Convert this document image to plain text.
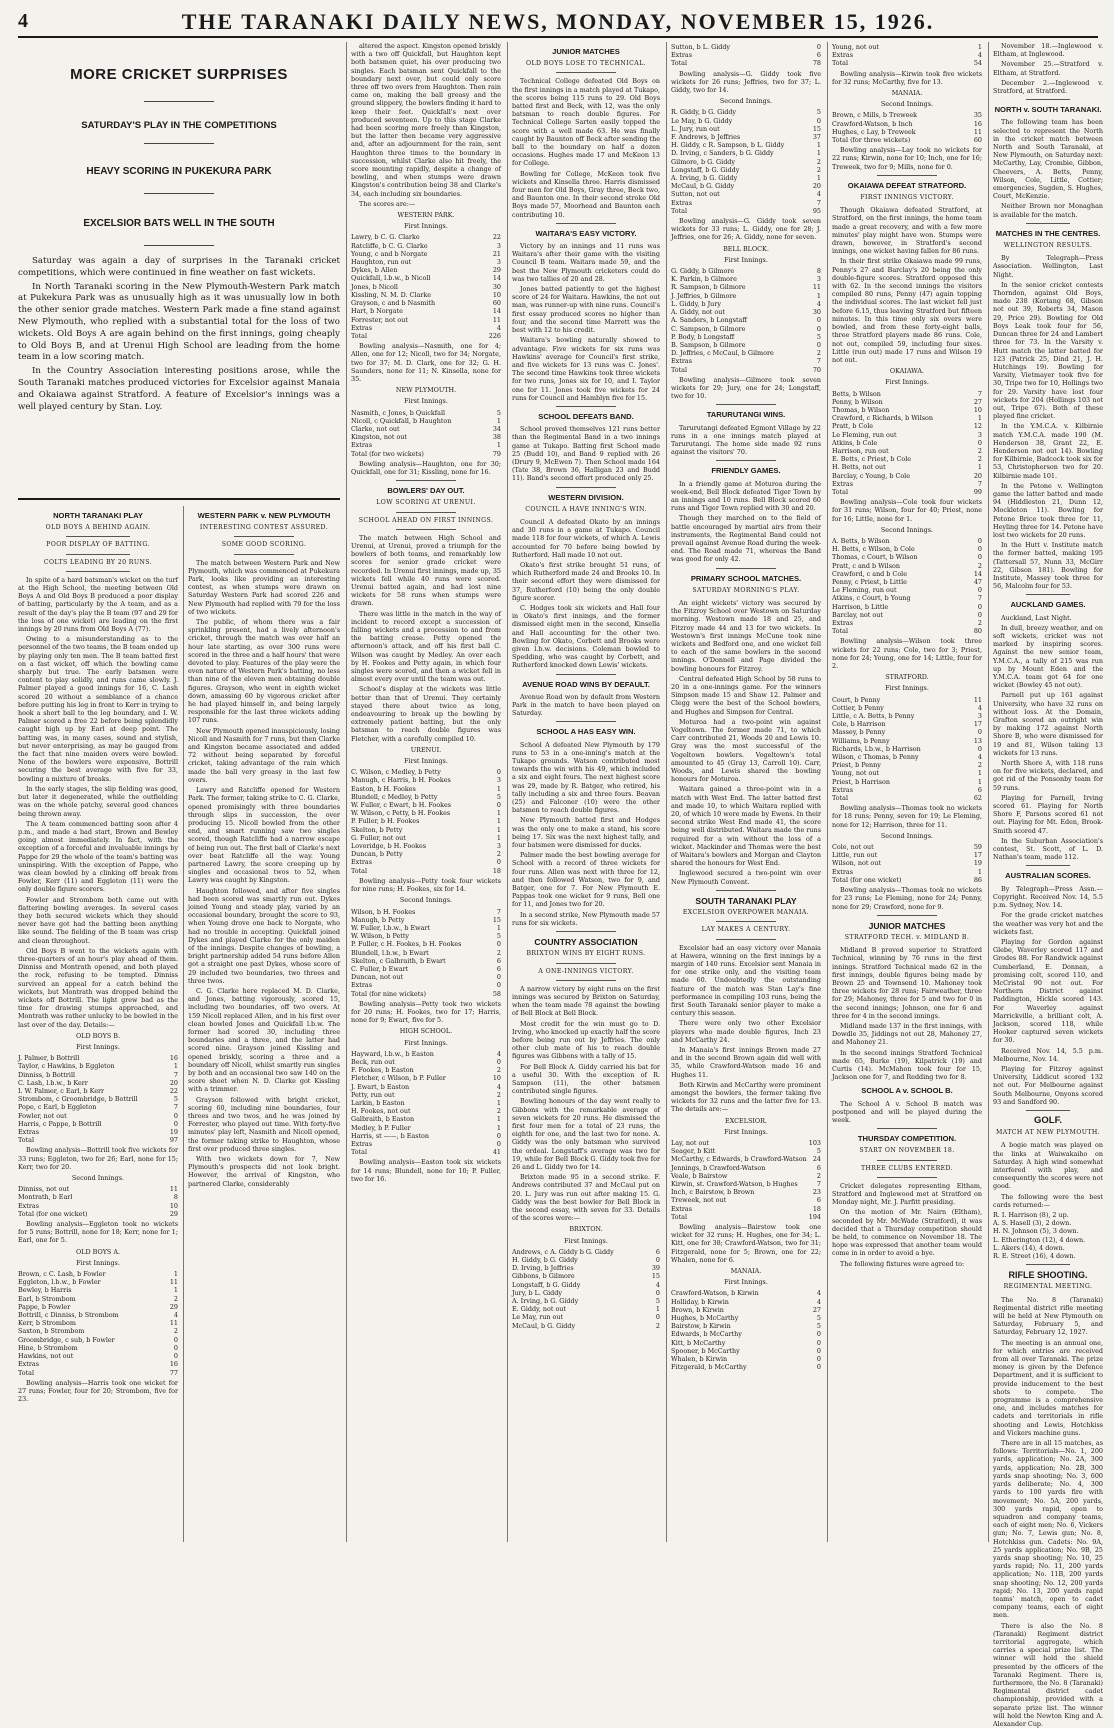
4	THE TARANAKI DAILY NEWS, MONDAY, NOVEMBER 15, 1926.
MORE CRICKET SURPRISES
SATURDAY'S PLAY IN THE COMPETITIONS
HEAVY SCORING IN PUKEKURA PARK
EXCELSIOR BATS WELL IN THE SOUTH

Saturday was again a day of surprises in the Taranaki cricket competitions, which were continued in fine weather on fast wickets.

In North Taranaki scoring in the New Plymouth-Western Park match at Pukekura Park was as unusually high as it was unusually low in both the other senior grade matches. Western Park made a fine stand against New Plymouth, who replied with a substantial total for the loss of two wickets. Old Boys A are again behind on the first innings, going cheaply to Old Boys B, and at Urenui High School are leading from the home team in a low scoring match.

In the Country Association interesting positions arose, while the South Taranaki matches produced victories for Excelsior against Manaia and Okaiawa against Stratford. A feature of Excelsior's innings was a well played century by Stan. Loy.

NORTH TARANAKI PLAY
OLD BOYS A BEHIND AGAIN.
POOR DISPLAY OF BATTING.
COLTS LEADING BY 20 RUNS.

In spite of a hard batsman's wicket on the turf at the High School, the meeting between Old Boys A and Old Boys B produced a poor display of batting, particularly by the A team, and as a result of the day's play the B team (97 and 29 for the loss of one wicket) are leading on the first innings by 20 runs from Old Boys A (77).

Owing to a misunderstanding as to the personnel of the two teams, the B team ended up by playing only ten men. The B team batted first on a fast wicket, off which the bowling came sharply but true. The early batsmen were content to play solidly, and runs came slowly. J. Palmer played a good innings for 16, C. Lash scored 20 without a semblance of a chance before putting his leg in front to Kerr in trying to hook a short ball to the leg boundary, and I. W. Palmer scored a free 22 before being splendidly caught high up by Earl at deep point. The batting was, in many cases, sound and stylish, but never enterprising, as may be gauged from the fact that nine maiden overs were bowled. None of the bowlers were expensive, Bottrill securing the best average with five for 33, bowling a mixture of breaks.

In the early stages, the slip fielding was good, but later it degenerated, while the outfielding was on the whole patchy, several good chances being thrown away.

The A team commenced batting soon after 4 p.m., and made a bad start, Brown and Bewley going almost immediately. In fact, with the exception of a forceful and invaluable innings by Pappe for 29 the whole of the team's batting was uninspiring. With the exception of Pappe, who was clean bowled by a clinking off break from Fowler, Kerr (11) and Eggleton (11) were the only double figure scorers.

Fowler and Strombom both came out with flattering bowling averages. In several cases they both secured wickets which they should never have got had the batting been anything like sound. The fielding of the B team was crisp and clean throughout.

Old Boys B went to the wickets again with three-quarters of an hour's play ahead of them. Dinniss and Montrath opened, and both played the rock, refusing to be tempted. Dinniss survived an appeal for a catch behind the wickets, but Montrath was dropped behind the wickets off Bottrill. The light grew bad as the time for drawing stumps approached, and Montrath was rather unlucky to be bowled in the last over of the day. Details:—

OLD BOYS B.
First Innings.
J. Palmer, b Bottrill	16
Taylor, c Hawkins, b Eggleton	1
Dinniss, b Bottrill	7
C. Lash, l.b.w., b Kerr	20
I. W. Palmer, c Earl, b Kerr	22
Strombom, c Groombridge, b Bottrill	5
Pope, c Earl, b Eggleton	7
Fowler, not out	0
Harris, c Pappe, b Bottrill	0
Extras	19
Total	97

Bowling analysis—Bottrill took five wickets for 33 runs; Eggleton, two for 26; Earl, none for 15; Kerr, two for 20.

Second Innings.
Dinniss, not out	11
Montrath, b Earl	8
Extras	10
Total (for one wicket)	29

Bowling analysis—Eggleton took no wickets for 5 runs; Bottrill, none for 18; Kerr, none for 1; Earl, one for 5.

OLD BOYS A.
First Innings.
Brown, c C. Lash, b Fowler	1
Eggleton, l.b.w., b Fowler	11
Bewley, b Harris	1
Earl, b Strombom	2
Pappe, b Fowler	29
Bottrill, c Dinniss, b Strombom	4
Kerr, b Strombom	11
Saxton, b Strombom	2
Groombridge, c sub, b Fowler	0
Hine, b Strombom	0
Hawkins, not out	0
Extras	16
Total	77

Bowling analysis—Harris took one wicket for 27 runs; Fowler, four for 20; Strombom, five for 23.

WESTERN PARK v. NEW PLYMOUTH
INTERESTING CONTEST ASSURED.
SOME GOOD SCORING.

The match between Western Park and New Plymouth, which was commenced at Pukekura Park, looks like providing an interesting contest, as when stumps were drawn on Saturday Western Park had scored 226 and New Plymouth had replied with 79 for the loss of two wickets.

The public, of whom there was a fair sprinkling present, had a lively afternoon's cricket, through the match was over half an hour late starting, as over 300 runs were scored in the three and a half hours' that were devoted to play. Features of the play were the even nature of Western Park's batting, no less than nine of the eleven men obtaining double figures. Grayson, who went in eighth wicket down, amassing 60 by vigorous cricket after he had played himself in, and being largely responsible for the last three wickets adding 107 runs.

New Plymouth opened inauspiciously, losing Nicoll and Nasmith for 7 runs, but then Clarke and Kingston became associated and added 72 without being separated by forceful cricket, taking advantage of the rain which made the ball very greasy in the last few overs.

Lawry and Ratcliffe opened for Western Park. The former, taking strike to C. G. Clarke, opened promisingly with three boundaries through slips in succession, the over producing 15. Nicoll bowled from the other end, and smart running saw two singles scored, though Ratcliffe had a narrow escape of being run out. The first ball of Clarke's next over beat Ratcliffe all the way. Young partnered Lawry, the score creeping up by singles and occasional twos to 52, when Lawry was caught by Kingston.

Haughton followed, and after five singles had been scored was smartly run out. Dykes joined Young and steady play, varied by an occasional boundary, brought the score to 93, when Young drove one back to Norgate, who had no trouble in accepting. Quickfall joined Dykes and played Clarke for the only maiden of the innings. Despite changes of bowling, a bright partnership added 54 runs before Allen got a straight one past Dykes, whose score of 29 included two boundaries, two threes and three twos.

C. G. Clarke here replaced M. D. Clarke, and Jones, batting vigorously, scored 15, including two boundaries, off two overs. At 159 Nicoll replaced Allen, and in his first over clean bowled Jones and Quickfall l.b.w. The former had scored 30, including three boundaries and a three, and the latter had scored nine. Grayson joined Kissling and opened briskly, scoring a three and a boundary off Nicoll, whilst smartly run singles by both and an occasional two saw 140 on the score sheet when N. D. Clarke got Kissling with a trimmer.

Grayson followed with bright cricket, scoring 60, including nine boundaries, four threes and two twos, and he was joined by Forrester, who played out time. With forty-five minutes' play left, Nasmith and Nicoll opened, the former taking strike to Haughton, whose first over produced three singles.

With two wickets down for 7, New Plymouth's prospects did not look bright. However, the arrival of Kingston, who partnered Clarke, considerably

altered the aspect. Kingston opened briskly with a two off Quickfall, but Haughton kept both batsmen quiet, his over producing two singles. Each batsman sent Quickfall to the boundary next over, but could only score three off two overs from Haughton. Then rain came on, making the ball greasy and the ground slippery, the bowlers finding it hard to keep their feet. Quickfall's next over produced seventeen. Up to this stage Clarke had been scoring more freely than Kingston, but the latter then became very aggressive and, after an adjournment for the rain, sent Haughton three times to the boundary in succession, whilst Clarke also hit freely, the score mounting rapidly, despite a change of bowling, and when stumps were drawn Kingston's contribution being 38 and Clarke's 34, each including six boundaries.

The scores are:—

WESTERN PARK.
First Innings.
Lawry, b C. G. Clarke	22
Ratcliffe, b C. G. Clarke	3
Young, c and b Norgate	21
Haughton, run out	3
Dykes, b Allen	29
Quickfall, l.b.w., b Nicoll	14
Jones, b Nicoll	30
Kissling, N. M. D. Clarke	10
Grayson, c and b Nasmith	60
Hart, b Norgate	14
Forrester, not out	11
Extras	4
Total	226

Bowling analysis—Nasmith, one for 4; Allen, one for 12; Nicoll, two for 34; Norgate, two for 37; M. D. Clark, one for 32; G. H. Saunders, none for 11; N. Kinsella, none for 35.

NEW PLYMOUTH.
First Innings.
Nasmith, c Jones, b Quickfall	5
Nicoll, c Quickfall, b Haughton	1
Clarke, not out	34
Kingston, not out	38
Extras	1
Total (for two wickets)	79

Bowling analysis—Haughton, one for 30; Quickfall, one for 31; Kissling, none for 16.

BOWLERS' DAY OUT.
LOW SCORING AT URENUI.
SCHOOL AHEAD ON FIRST INNINGS.

The match between High School and Urenui, at Urenui, proved a triumph for the bowlers of both teams, and remarkably low scores for senior grade cricket were recorded. In Urenui first innings, made up, 35 wickets fell while 40 runs were scored. Urenui batted again, and had lost nine wickets for 58 runs when stumps were drawn.

There was little in the match in the way of incident to record except a succession of falling wickets and a procession to and from the batting crease. Petty opened the afternoon's attack, and off his first ball C. Wilson was caught by Medley. An over each by H. Fookes and Petty again, in which four singles were scored, and then a wicket fell in almost every over until the team was out.

School's display at the wickets was little better than that of Urenui. They certainly stayed there about twice as long, endeavouring to break up the bowling by extremely patient batting, but the only batsman to reach double figures was Fletcher, with a carefully compiled 10.

URENUI.
First Innings.
C. Wilson, c Medley, b Petty	0
Manugh, c Harris, b H. Fookes	3
Easton, b H. Fookes	1
Blundell, c Medley, b Petty	5
W. Fuller, c Ewart, b H. Fookes	0
W. Wilson, c Petty, b H. Fookes	1
P. Fuller, b H. Fookes	1
Skelton, b Petty	1
G. Fuller, not out	1
Loveridge, b H. Fookes	3
Duncan, b Petty	2
Extras	0
Total	18

Bowling analysis—Petty took four wickets for nine runs; H. Fookes, six for 14.

Second Innings.
Wilson, b H. Fookes	7
Manugh, b Petty	15
W. Fuller, l.b.w., b Ewart	1
W. Wilson, b Petty	5
P. Fuller, c H. Fookes, b H. Fookes	0
Blundell, l.b.w., b Ewart	2
Skelton, c Galbraith, b Ewart	6
C. Fuller, b Ewart	6
Duncan, not out	0
Extras	0
Total (for nine wickets)	58

Bowling analysis—Petty took two wickets for 20 runs; H. Fookes, two for 17; Harris, none for 9; Ewart, five for 5.

HIGH SCHOOL.
First Innings.
Hayward, l.b.w., b Easton	4
Beck, run out	0
F. Fookes, b Easton	2
Fletcher, c Wilson, b P. Fuller	10
J. Ewart, b Easton	4
Petty, run out	2
Larkin, b Easton	1
H. Fookes, not out	2
Galbraith, b Easton	1
Medley, b P. Fuller	1
Harris, st ——, b Easton	0
Extras	0
Total	41

Bowling analysis—Easton took six wickets for 14 runs; Blundell, none for 10; P. Fuller, two for 16.

JUNIOR MATCHES
OLD BOYS LOSE TO TECHNICAL.

Technical College defeated Old Boys on the first innings in a match played at Tukapo, the scores being 115 runs to 29. Old Boys batted first and Beck, with 12, was the only batsman to reach double figures. For Technical College Sarten easily topped the score with a well made 63. He was finally caught by Baunton off Beck after sending the ball to the boundary on half a dozen occasions. Hughes made 17 and McKeon 13 for College.

Bowling for College, McKeon took five wickets and Kinsella three. Harris dismissed four men for Old Boys, Gray three, Beck two, and Baunton one. In their second stroke Old Boys made 57, Moorhead and Baunton each contributing 10.

WAITARA'S EASY VICTORY.

Victory by an innings and 11 runs was Waitara's after their game with the visiting Council B team. Waitara made 59, and the best the New Plymouth cricketers could do was two tallies of 20 and 28.

Jones batted patiently to get the highest score of 24 for Waitara. Hawkins, the not out man, was runner-up with nine runs. Council's first essay produced scores no higher than four, and the second time Marrett was the best with 12 to his credit.

Waitara's bowling naturally showed to advantage. Five wickets for six runs was Hawkins' average for Council's first strike, and five wickets for 13 runs was C. Jones'. The second time Hawkins took three wickets for two runs, Jones six for 10, and I. Taylor one for 11. Jones took five wickets for 24 runs for Council and Hamblyn five for 15.

SCHOOL DEFEATS BAND.

School proved themselves 121 runs better than the Regimental Band in a two innings game at Tukapo. Batting first School made 25 (Budd 10), and Band 9 replied with 26 (Drury 9, McEwen 7). Then School made 164 (Tate 38, Brown 36, Halligan 23 and Budd 11). Band's second effort produced only 25.

WESTERN DIVISION.
COUNCIL A HAVE INNING'S WIN.

Council A defeated Okato by an innings and 30 runs in a game at Tukapo. Council made 118 for four wickets, of which A. Lewis accounted for 70 before being bowled by Rutherford. Hall made 10 not out.

Okato's first strike brought 51 runs, of which Rutherford made 24 and Brooks 10. In their second effort they were dismissed for 37, Rutherford (10) being the only double figure scorer.

C. Hodges took six wickets and Hall four in Okato's first innings, and the former dismissed eight men in the second, Kinsella and Hall accounting for the other two. Bowling for Okato, Corbett and Brooks were given l.b.w. decisions. Coleman bowled to Spedding, who was caught by Corbett, and Rutherford knocked down Lewis' wickets.

AVENUE ROAD WINS BY DEFAULT.

Avenue Road won by default from Western Park in the match to have been played on Saturday.

SCHOOL A HAS EASY WIN.

School A defeated New Plymouth by 179 runs to 53 in a one-inning's match at the Tukapo grounds. Watson contributed most towards the win with his 49, which included a six and eight fours. The next highest score was 29, made by R. Batger, who retired, his tally including a six and three fours. Beavan (25) and Falconer (10) were the other batsmen to reach double figures.

New Plymouth batted first and Hodges was the only one to make a stand, his score being 17. Six was the next highest tally, and four batsmen were dismissed for ducks.

Palmer made the best bowling average for School with a record of three wickets for four runs. Allen was next with three for 12, and then followed Watson, two for 9, and Batger, one for 7. For New Plymouth E. Pappas took one wicket for 9 runs, Bell one for 11, and Jones two for 20.

In a second strike, New Plymouth made 57 runs for six wickets.

COUNTRY ASSOCIATION
BRIXTON WINS BY EIGHT RUNS.
A ONE-INNINGS VICTORY.

A narrow victory by eight runs on the first innings was secured by Brixton on Saturday, when the team made 78 against the bowling of Bell Block at Bell Block.

Most credit for the win must go to D. Irving, who knocked up exactly half the score before being run out by Jeffries. The only other club mate of his to reach double figures was Gibbons with a tally of 15.

For Bell Block A. Giddy carried his bat for a useful 30. With the exception of R. Sampson (11), the other batsmen contributed single figures.

Bowling honours of the day went really to Gibbons with the remarkable average of seven wickets for 20 runs. He dismissed the first four men for a total of 23 runs, the eighth for one, and the last two for none. A. Giddy was the only batsman who survived the ordeal. Longstaff's average was two for 19, while for Bell Block G. Giddy took five for 26 and L. Giddy two for 14.

Brixton made 95 in a second strike. F. Andrews contributed 37 and McCaul put on 20. L. Jury was run out after making 15. G. Giddy was the best bowler for Bell Block in the second essay, with seven for 33. Details of the scores were:—

BRIXTON.
First Innings.
Andrews, c A. Giddy b G. Giddy	6
H. Giddy, b G. Giddy	0
D. Irving, b Jeffries	39
Gibbons, b Gilmore	15
Longstaff, b G. Giddy	4
Jury, b L. Giddy	0
A. Irving, b G. Giddy	5
E. Giddy, not out	1
Le May, run out	0
McCaul, b G. Giddy	2
Sutton, b L. Giddy	0
Extras	6
Total	78

Bowling analysis—G. Giddy took five wickets for 26 runs; Jeffries, two for 37; L. Giddy, two for 14.

Second Innings.
R. Giddy, b G. Giddy	5
Le May, b G. Giddy	0
L. Jury, run out	15
F. Andrews, b Jeffries	37
H. Giddy, c R. Sampson, b L. Giddy	1
D. Irving, c Sanders, b G. Giddy	1
Gilmore, b G. Giddy	2
Longstaff, b G. Giddy	2
A. Irving, b G. Giddy	1
McCaul, b G. Giddy	20
Sutton, not out	4
Extras	7
Total	95

Bowling analysis—G. Giddy took seven wickets for 33 runs; L. Giddy, one for 28; J. Jeffries, one for 26; A. Giddy, none for seven.

BELL BLOCK.
First Innings.
G. Giddy, b Gilmore	8
K. Parkin, b Gilmore	3
R. Sampson, b Gilmore	11
J. Jeffries, b Gilmore	1
L. Giddy, b Jury	4
A. Giddy, not out	30
A. Sanders, b Longstaff	0
C. Sampson, b Gilmore	0
P. Body, b Longstaff	5
B. Sampson, b Gilmore	0
D. Jeffries, c McCaul, b Gilmore	2
Extras	7
Total	70

Bowling analysis—Gilmore took seven wickets for 29; Jury, one for 24; Longstaff, two for 10.

TARURUTANGI WINS.

Tarurutangi defeated Egmont Village by 22 runs in a one innings match played at Tarurutangi. The home side made 92 runs against the visitors' 70.

FRIENDLY GAMES.

In a friendly game at Moturoa during the week-end, Bell Block defeated Tiger Town by an innings and 10 runs. Bell Block scored 60 runs and Tiger Town replied with 30 and 20.

Though they marched on to the field of battle encouraged by martial airs from their instruments, the Regimental Band could not prevail against Avenue Road during the week-end. The Road made 71, whereas the Band was good for only 42.

PRIMARY SCHOOL MATCHES.
SATURDAY MORNING'S PLAY.

An eight wickets' victory was secured by the Fitzroy School over Westown on Saturday morning. Westown made 18 and 25, and Fitzroy made 44 and 13 for two wickets. In Westown's first innings McCune took nine wickets and Bedford one, and one wicket fell to each of the same bowlers in the second innings. O'Donnell and Page divided the bowling honours for Fitzroy.

Central defeated High School by 58 runs to 20 in a one-innings game. For the winners Simpson made 15 and Shaw 12. Palmer and Clegg were the best of the School bowlers, and Hughes and Simpson for Central.

Moturoa had a two-point win against Vogeltown. The former made 71, to which Carr contributed 21, Woods 20 and Lewis 10. Gray was the most successful of the Vogeltown bowlers. Vogeltown's total amounted to 45 (Gray 13, Carroll 10). Carr, Woods, and Lewis shared the bowling honours for Moturoa.

Waitara gained a three-point win in a match with West End. The latter batted first and made 10, to which Waitara replied with 20, of which 10 were made by Ewens. In their second strike West End made 41, the score being well distributed. Waitara made the runs required for a win without the loss of a wicket. Mackinder and Thomas were the best of Waitara's bowlers and Morgan and Clayton shared the honours for West End.

Inglewood secured a two-point win over New Plymouth Convent.

SOUTH TARANAKI PLAY
EXCELSIOR OVERPOWER MANAIA.
LAY MAKES A CENTURY.

Excelsior had an easy victory over Manaia at Hawera, winning on the first innings by a margin of 140 runs. Excelsior sent Manaia in for one strike only, and the visiting team made 60. Undoubtedly the outstanding feature of the match was Stan Lay's fine performance in compiling 103 runs, being the first South Taranaki senior player to make a century this season.

There were only two other Excelsior players who made double figures, Inch 23 and McCarthy 24.

In Manaia's first innings Brown made 27 and in the second Brown again did well with 35, while Crawford-Watson made 16 and Hughes 11.

Both Kirwin and McCarthy were prominent amongst the bowlers, the former taking five wickets for 32 runs and the latter five for 13. The details are:—

EXCELSIOR.
First Innings.
Lay, not out	103
Seager, b Kitt	5
McCarthy, c Edwards, b Crawford-Watson 24
Jennings, b Crawford-Watson	6
Veale, b Bairstow	2
Kirwin, st. Crawford-Watson, b Hughes	7
Inch, c Bairstow, b Brown	23
Treweek, not out	6
Extras	18
Total	194

Bowling analysis—Bairstow took one wicket for 32 runs; H. Hughes, one for 34; L. Kitt, one for 38; Crawford-Watson, two for 31; Fitzgerald, none for 5; Brown, one for 22; Whalen, none for 6.

MANAIA.
First Innings.
Crawford-Watson, b Kirwin	4
Holliday, b Kirwin	4
Brown, b Kirwin	27
Hughes, b McCarthy	5
Bairstow, b Kirwin	5
Edwards, b McCarthy	0
Kitt, b McCarthy	0
Spooner, b McCarthy	0
Whalen, b Kirwin	0
Fitzgerald, b McCarthy	0
Young, not out	1
Extras	4
Total	54

Bowling analysis—Kirwin took five wickets for 32 runs; McCarthy, five for 13.

MANAIA.
Second Innings.
Brown, c Mills, b Treweek	35
Crawford-Watson, b Inch	16
Hughes, c Lay, b Treweek	11
Total (for three wickets)	60

Bowling analysis—Lay took no wickets for 22 runs; Kirwin, none for 10; Inch, one for 16; Treweek, two for 9; Mills, none for 0.

OKAIAWA DEFEAT STRATFORD.
FIRST INNINGS VICTORY.

Though Okaiawa defeated Stratford, at Stratford, on the first innings, the home team made a great recovery, and with a few more minutes' play might have won. Stumps were drawn, however, in Stratford's second innings, one wicket having fallen for 86 runs.

In their first strike Okaiawa made 99 runs, Penny's 27 and Barclay's 20 being the only double-figure scores. Stratford opposed this with 62. In the second innings the visitors compiled 80 runs, Penny (47) again topping the individual scores. The last wicket fell just before 6.15, thus leaving Stratford but fifteen minutes. In this time only six overs were bowled, and from these forty-eight balls, three Stratford players made 86 runs. Cole, not out, compiled 59, including four sixes. Little (run out) made 17 runs and Wilson 19 not out.

OKAIAWA.
First Innings.
Betts, b Wilson	7
Penny, b Wilson	27
Thomas, b Wilson	10
Crawford, c Richards, b Wilson	1
Pratt, b Cole	12
Le Fleming, run out	3
Atkins, b Cole	0
Harrison, run out	2
E. Betts, c Priest, b Cole	2
H. Betts, not out	1
Barclay, c Young, b Cole	20
Extras	7
Total	99

Bowling analysis—Cole took four wickets for 31 runs; Wilson, four for 40; Priest, none for 16; Little, none for 1.

Second Innings.
A. Betts, b Wilson	0
H. Betts, c Wilson, b Cole	0
Thomas, c Court, b Wilson	0
Pratt, c and b Wilson	2
Crawford, c and b Cole	14
Penny, c Priest, b Little	47
Le Fleming, run out	0
Atkins, c Court, b Young	7
Harrison, b Little	0
Barclay, not out	0
Extras	2
Total	80

Bowling analysis—Wilson took three wickets for 22 runs; Cole, two for 3; Priest, none for 24; Young, one for 14; Little, four for 2.

STRATFORD.
First Innings.
Court, b Penny	11
Cottier, b Penny	4
Little, c A. Betts, b Penny	3
Cole, b Harrison	17
Massey, b Penny	0
Williams, b Penny	13
Richards, l.b.w., b Harrison	0
Wilson, c Thomas, b Penny	4
Priest, b Penny	2
Young, not out	1
Priest, b Harrison	1
Extras	6
Total	62

Bowling analysis—Thomas took no wickets for 18 runs; Penny, seven for 19; Le Fleming, none for 12; Harrison, three for 11.

Second Innings.
Cole, not out	59
Little, run out	17
Wilson, not out	19
Extras	1
Total (for one wicket)	86

Bowling analysis—Thomas took no wickets for 23 runs; Le Fleming, none for 24; Penny, none for 29; Crawford, none for 9.

JUNIOR MATCHES
STRATFORD TECH. v. MIDLAND B.

Midland B proved superior to Stratford Technical, winning by 76 runs in the first innings. Stratford Technical made 62 in the first innings, double figures being made by Brown 25 and Townsend 10. Mahoney took three wickets for 28 runs; Fairweather, three for 29; Mahoney, three for 5 and two for 0 in the second innings; Johnson, one for 6 and three for 4 in the second innings.

Midland made 137 in the first innings, with Dowdle 35, Jiddings not out 28, Mahoney 27, and Mahoney 21.

In the second innings Stratford Technical made 65, Burke (19), Kilpatrick (19) and Curtis (14). McMahon took four for 15, Jackson one for 7, and Redding two for 8.

SCHOOL A v. SCHOOL B.

The School A v. School B match was postponed and will be played during the week.

THURSDAY COMPETITION.
START ON NOVEMBER 18.
THREE CLUBS ENTERED.

Cricket delegates representing Eltham, Stratford and Inglewood met at Stratford on Monday night, Mr. J. Parfitt presiding.

On the motion of Mr. Nairn (Eltham), seconded by Mr. McWade (Stratford), it was decided that a Thursday competition should be held, to commence on November 18. The hope was expressed that another team would come in in order to avoid a bye.

The following fixtures were agreed to:

November 18.—Inglewood v. Eltham, at Inglewood.

November 25.—Stratford v. Eltham, at Stratford.

December 2.—Inglewood v. Stratford, at Stratford.

NORTH v. SOUTH TARANAKI.

The following team has been selected to represent the North in the cricket match between North and South Taranaki, at New Plymouth, on Saturday next: McCarthy, Lay, Crombie, Gibbon, Cheevers, A. Betts, Penny, Wilson, Cole, Little, Cottier; emergencies, Sugden, S. Hughes, Court, McKenzie.

Neither Brown nor Monaghan is available for the match.

MATCHES IN THE CENTRES.
WELLINGTON RESULTS.

By Telegraph—Press Association. Wellington, Last Night.

In the senior cricket contests Thorndon, against Old Boys, made 238 (Kortang 68, Gibson not out 39, Roberts 34, Mason 29, Price 29). Bowling for Old Boys Leak took four for 56, Duncan three for 24 and Lambert three for 73. In the Varsity v. Hutt match the latter batted for 123 (Patrick 25, Dind 21, J. H. Hutchings 19). Bowling for Varsity, Vietmayer took five for 30, Tripe two for 10, Hollings two for 29. Varsity have lost four wickets for 204 (Hollings 103 not out, Tripe 67). Both of these played fine cricket.

In the Y.M.C.A. v. Kilbirnie match Y.M.C.A. made 190 (M. Henderson 38, Grant 22, E. Henderson not out 14). Bowling for Kilbirnie, Badcock took six for 53, Christopherson two for 20. Kilbirnie made 101.

In the Petone v. Wellington game the latter batted and made 94 (Hiddleston 21, Dunn 12, Mockleton 11). Bowling for Petone Brice took three for 11, Heyling three for 14. Petone have lost two wickets for 20 runs.

In the Hutt v. Institute match the former batted, making 195 (Tattersall 57, Nunn 33, McGirr 22, Gibson 181). Bowling for Institute, Massey took three for 56, Malcolm four for 53.

AUCKLAND GAMES.

Auckland, Last Night.

In dull, breezy weather, and on soft wickets, cricket was not marked by inspiring scores. Against the new senior team, Y.M.C.A., a tally of 215 was run up by Mount Eden and the Y.M.C.A. team got 64 for one wicket (Bowley 45 not out).

Parnell put up 161 against University, who have 32 runs on without loss. At the Domain, Grafton scored an outright win by making 172 against North Shore B, who were dismissed for 19 and 81, Wilson taking 13 wickets for 13 runs.

North Shore A, with 118 runs on for five wickets, declared, and got rid of the Ponsonby team for 59 runs.

Playing for Parnell, Irving scored 61. Playing for North Shore F, Parsons scored 61 not out. Playing for Mt. Eden, Brook-Smith scored 47.

In the Suburban Association's contest, St. Scott, of L. D. Nathan's team, made 112.

AUSTRALIAN SCORES.

By Telegraph—Press Assn.—Copyright. Received Nov. 14, 5.5 p.m. Sydney, Nov. 14.

For the grade cricket matches the weather was very hot and the wickets fast.

Playing for Gordon against Glebe, Waverley scored 117 and Grodes 88. For Randwick against Cumberland, E. Donnan, a promising colt, scored 110, and McCristal 90 not out. For Northern District against Paddington, Hickle scored 143. For Waverley against Marrickville, a brilliant colt, A. Jackson, scored 118, while Hooker captured seven wickets for 30.

Received Nov. 14, 5.5 p.m. Melbourne, Nov. 14.

Playing for Fitzroy against University, Liddicut scored 132 not out. For Melbourne against South Melbourne, Onyons scored 93 and Sandford 90.

GOLF.
MATCH AT NEW PLYMOUTH.

A bogie match was played on the links at Waiwakaiho on Saturday. A high wind somewhat interfered with play, and consequently the scores were not good.

The following were the best cards returned:—

R. I. Harrison (8), 2 up.
A. S. Hasell (3), 2 down.
H. N. Johnson (5), 3 down.
L. Etherington (12), 4 down.
L. Akers (14), 4 down.
R. E. Street (16), 4 down.
RIFLE SHOOTING.
REGIMENTAL MEETING.

The No. 8 (Taranaki) Regimental district rifle meeting will be held at New Plymouth on Saturday, February 5, and Saturday, February 12, 1927.

The meeting is an annual one, for which entries are received from all over Taranaki. The prize money is given by the Defence Department, and it is sufficient to provide inducement to the best shots to compete. The programme is a comprehensive one, and includes matches for cadets and territorials in rifle shooting and Lewis, Hotchkiss and Vickers machine guns.

There are in all 15 matches, as follows: Territorials—No. 1, 200 yards, application; No. 2A, 300 yards, application; No. 2B, 300 yards snap shooting; No. 3, 600 yards deliberate; No. 4, 300 yards to 100 yards fire with movement; No. 5A, 200 yards, 300 yards rapid, open to squadron and company teams, each of eight men; No. 6, Vickers gun; No. 7, Lewis gun; No. 8, Hotchkiss gun. Cadets: No. 9A, 25 yards application; No. 9B, 25 yards snap shooting; No. 10, 25 yards rapid; No. 11, 200 yards application; No. 11B, 200 yards snap shooting; No. 12, 200 yards rapid; No. 13, 200 yards rapid teams' match, open to cadet company teams, each of eight men.

There is also the No. 8 (Taranaki) Regiment district territorial aggregate, which carries a special prize list. The winner will hold the shield presented by the officers of the Taranaki Regiment. There is, furthermore, the No. 8 (Taranaki) Regimental district cadet championship, provided with a separate prize list. The winner will hold the Newton King and A. Alexander Cup.
